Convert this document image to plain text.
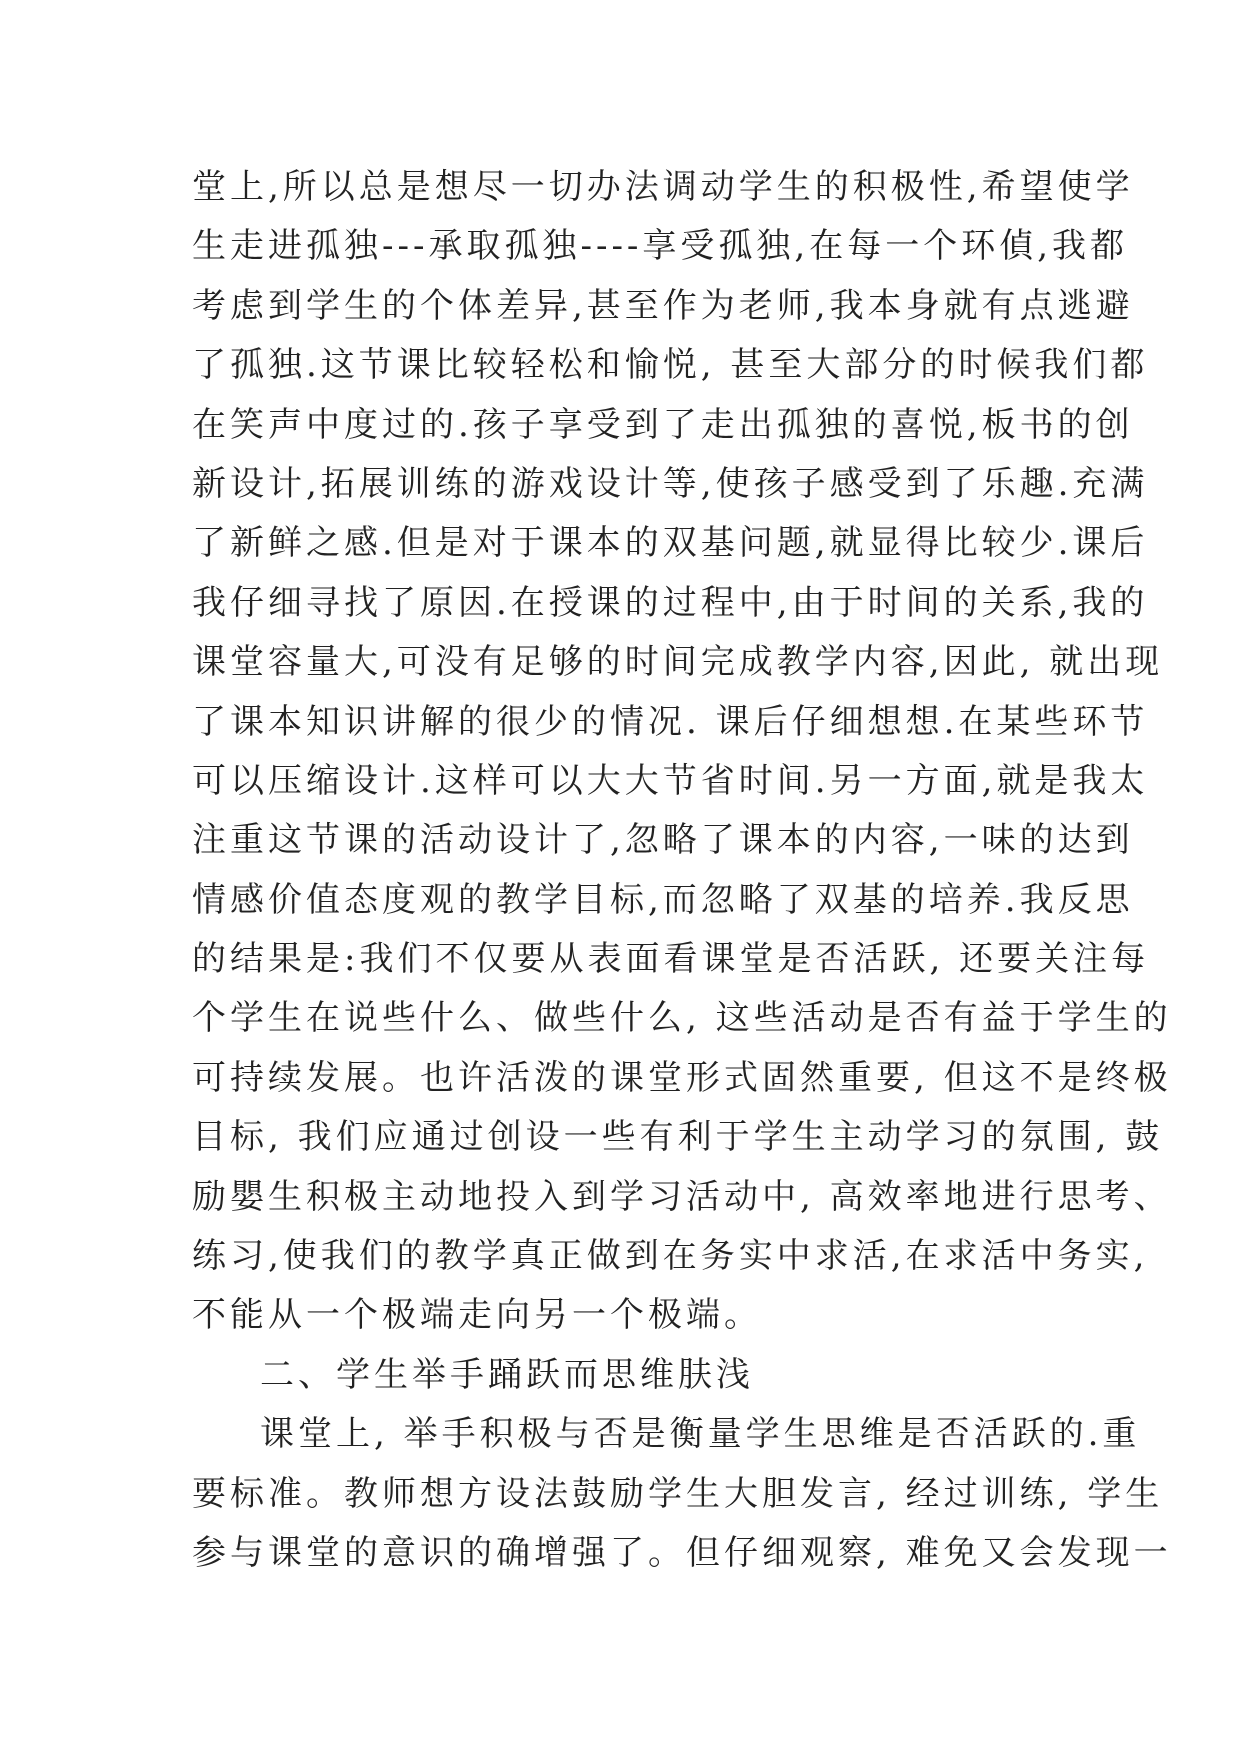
堂上,所以总是想尽一切办法调动学生的积极性,希望使学
生走进孤独---承取孤独----享受孤独,在每一个环偵,我都
考虑到学生的个体差异,甚至作为老师,我本身就有点逃避
了孤独.这节课比较轻松和愉悦, 甚至大部分的时候我们都
在笑声中度过的.孩子享受到了走出孤独的喜悦,板书的创
新设计,拓展训练的游戏设计等,使孩子感受到了乐趣.充满
了新鲜之感.但是对于课本的双基问题,就显得比较少.课后
我仔细寻找了原因.在授课的过程中,由于时间的关系,我的
课堂容量大,可没有足够的时间完成教学内容,因此, 就出现
了课本知识讲解的很少的情况. 课后仔细想想.在某些环节
可以压缩设计.这样可以大大节省时间.另一方面,就是我太
注重这节课的活动设计了,忽略了课本的内容,一味的达到
情感价值态度观的教学目标,而忽略了双基的培养.我反思
的结果是:我们不仅要从表面看课堂是否活跃, 还要关注每
个学生在说些什么、做些什么, 这些活动是否有益于学生的
可持续发展。也许活泼的课堂形式固然重要, 但这不是终极
目标, 我们应通过创设一些有利于学生主动学习的氛围, 鼓
励嬰生积极主动地投入到学习活动中, 高效率地进行思考、
练习,使我们的教学真正做到在务实中求活,在求活中务实,
不能从一个极端走向另一个极端。
二、学生举手踊跃而思维肤浅
课堂上, 举手积极与否是衡量学生思维是否活跃的.重
要标准。教师想方设法鼓励学生大胆发言, 经过训练, 学生
参与课堂的意识的确增强了。但仔细观察, 难免又会发现一
